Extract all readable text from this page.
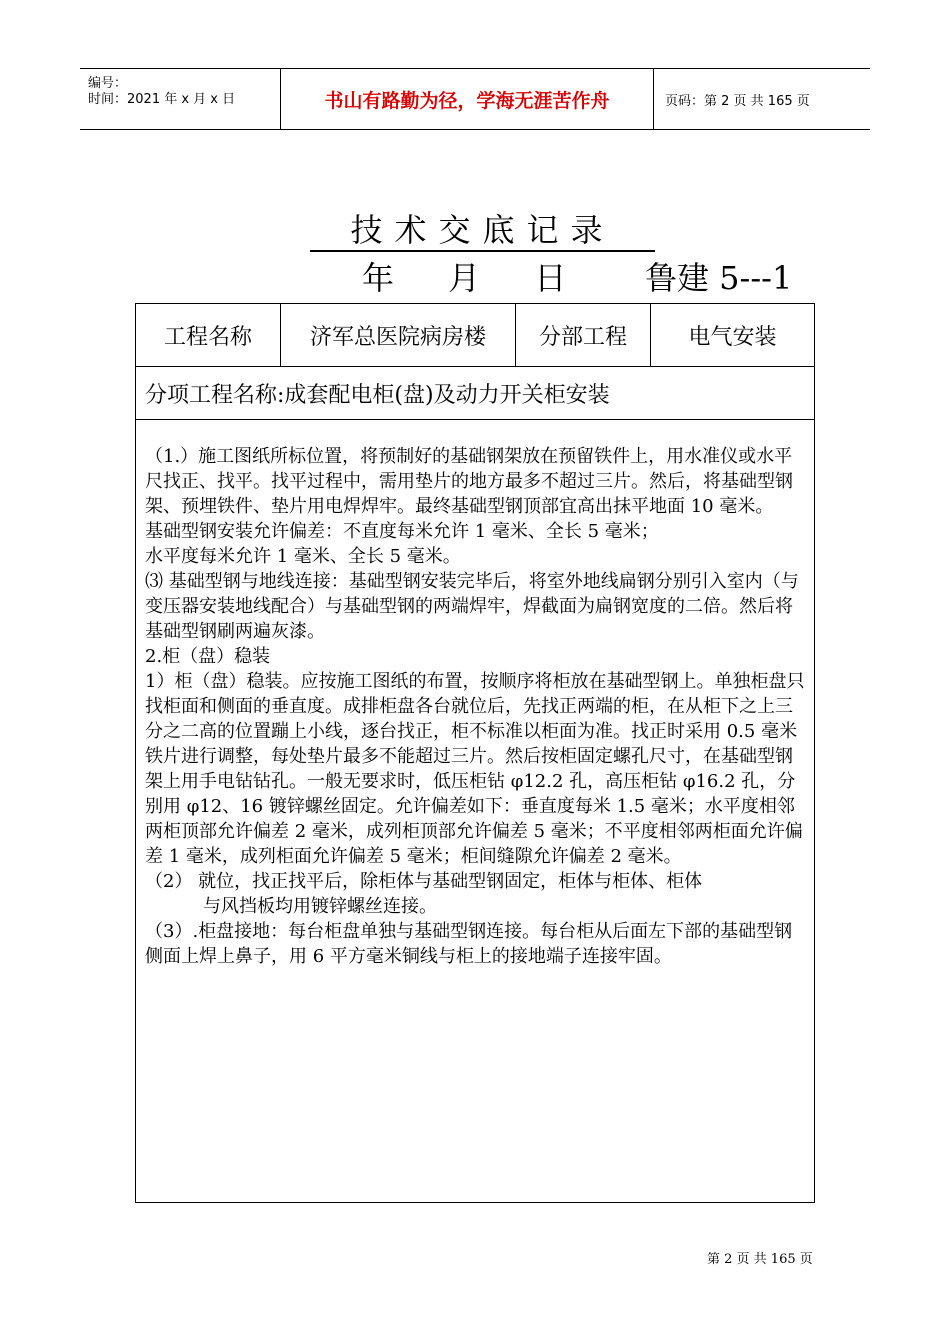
编号：
时间：2021 年 x 月 x 日	书山有路勤为径，学海无涯苦作舟	页码：第 2 页 共 165 页
技术交底记录
年 月 日 鲁建 5---1
工程名称	济军总医院病房楼	分部工程	电气安装
分项工程名称:成套配电柜(盘)及动力开关柜安装

（1.）施工图纸所标位置，将预制好的基础钢架放在预留铁件上，用水准仪或水平尺找正、找平。找平过程中，需用垫片的地方最多不超过三片。然后，将基础型钢架、预埋铁件、垫片用电焊焊牢。最终基础型钢顶部宜高出抹平地面 10 毫米。　　　　　基础型钢安装允许偏差：不直度每米允许 1 毫米、全长 5 毫米；

水平度每米允许 1 毫米、全长 5 毫米。

⑶ 基础型钢与地线连接：基础型钢安装完毕后，将室外地线扁钢分别引入室内（与变压器安装地线配合）与基础型钢的两端焊牢，焊截面为扁钢宽度的二倍。然后将基础型钢刷两遍灰漆。

2.柜（盘）稳装

1）柜（盘）稳装。应按施工图纸的布置，按顺序将柜放在基础型钢上。单独柜盘只找柜面和侧面的垂直度。成排柜盘各台就位后，先找正两端的柜，在从柜下之上三分之二高的位置蹦上小线，逐台找正，柜不标准以柜面为准。找正时采用 0.5 毫米铁片进行调整，每处垫片最多不能超过三片。然后按柜固定螺孔尺寸，在基础型钢架上用手电钻钻孔。一般无要求时，低压柜钻 φ12.2 孔，高压柜钻 φ16.2 孔，分别用 φ12、16 镀锌螺丝固定。允许偏差如下：垂直度每米 1.5 毫米；水平度相邻两柜顶部允许偏差 2 毫米，成列柜顶部允许偏差 5 毫米；不平度相邻两柜面允许偏差 1 毫米，成列柜面允许偏差 5 毫米；柜间缝隙允许偏差 2 毫米。

（2） 就位，找正找平后，除柜体与基础型钢固定，柜体与柜体、柜体

与风挡板均用镀锌螺丝连接。

（3）.柜盘接地：每台柜盘单独与基础型钢连接。每台柜从后面左下部的基础型钢侧面上焊上鼻子，用 6 平方毫米铜线与柜上的接地端子连接牢固。

第 2 页 共 165 页
